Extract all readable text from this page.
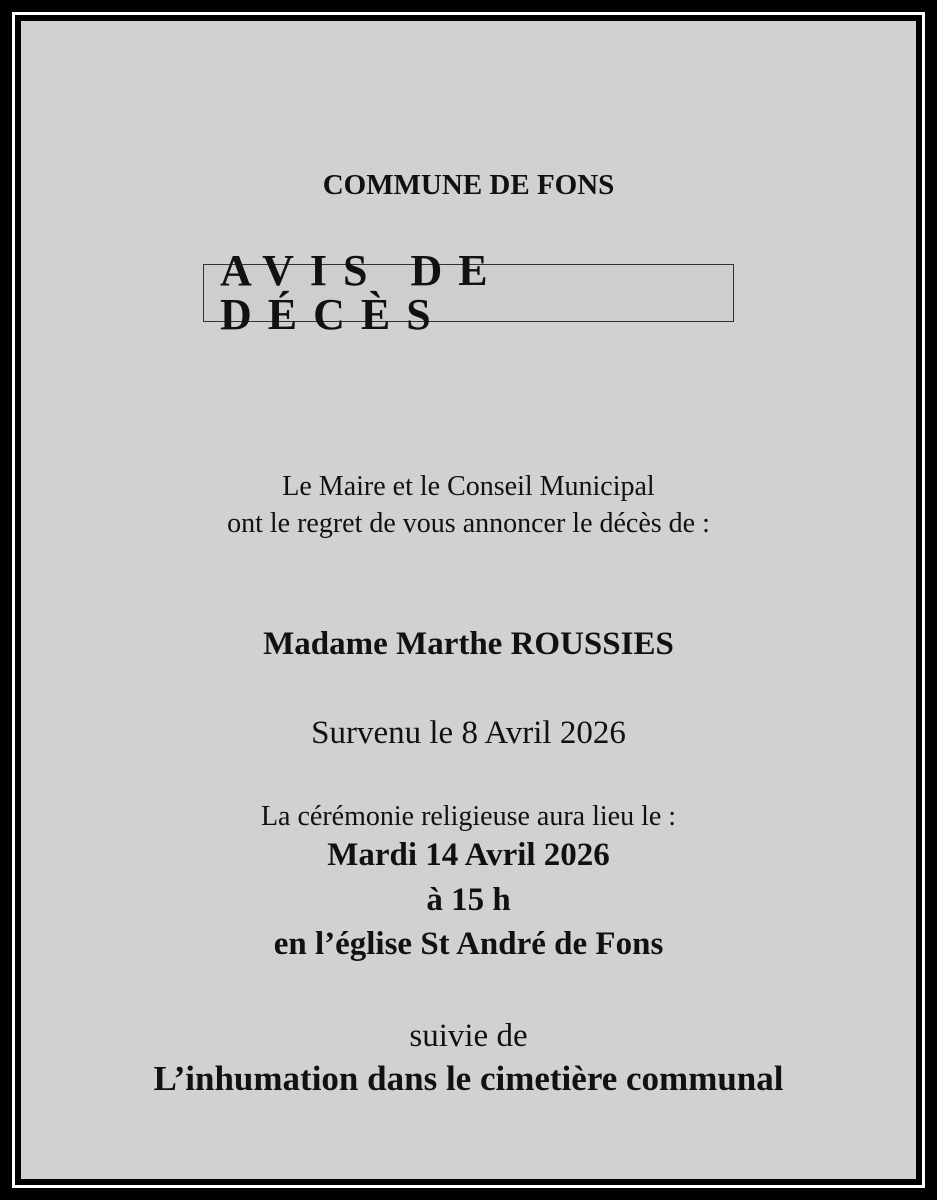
COMMUNE DE FONS
AVIS DE DÉCÈS
Le Maire et le Conseil Municipal
ont le regret de vous annoncer le décès de :
Madame Marthe ROUSSIES
Survenu le 8 Avril 2026
La cérémonie religieuse aura lieu le :
Mardi 14 Avril 2026
à 15 h
en l’église St André de Fons
suivie de
L’inhumation dans le cimetière communal
